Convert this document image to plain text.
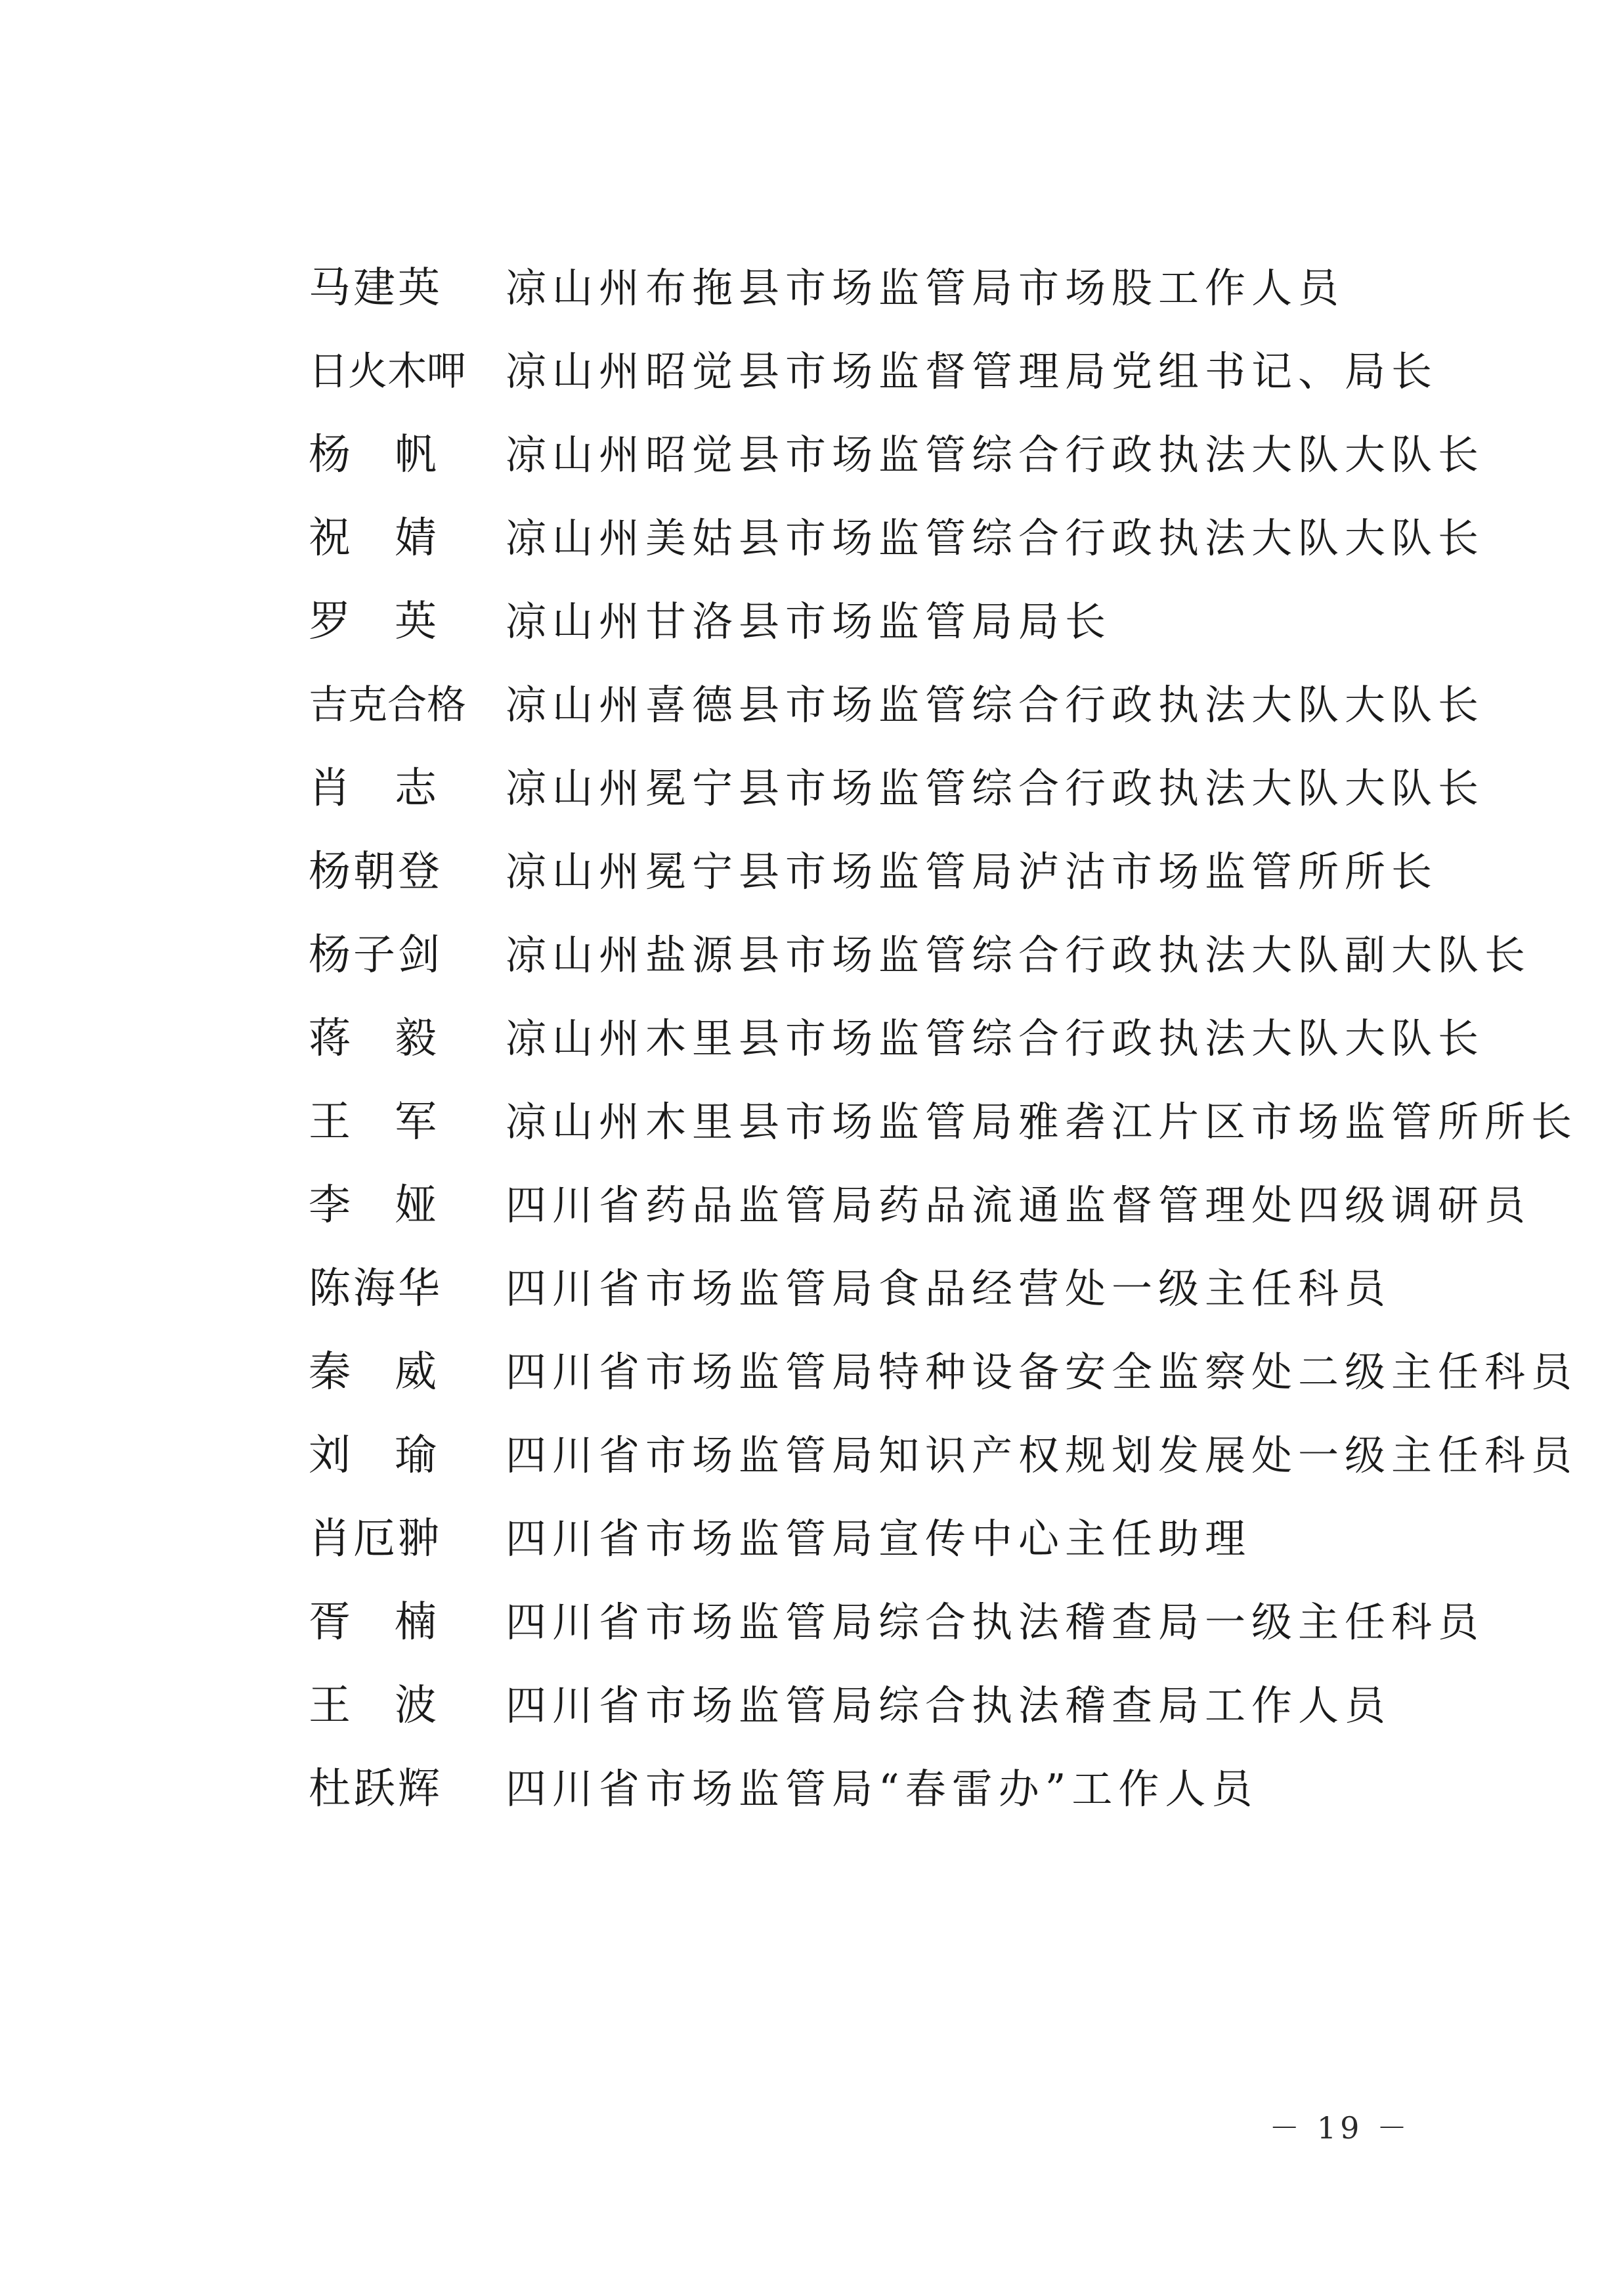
马建英	凉山州布拖县市场监管局市场股工作人员
日火木呷 凉山州昭觉县市场监督管理局党组书记、局长
杨 帆 凉山州昭觉县市场监管综合行政执法大队大队长
祝 婧 凉山州美姑县市场监管综合行政执法大队大队长
罗 英 凉山州甘洛县市场监管局局长
吉克合格 凉山州喜德县市场监管综合行政执法大队大队长
肖 志 凉山州冕宁县市场监管综合行政执法大队大队长
杨朝登	凉山州冕宁县市场监管局泸沽市场监管所所长
杨子剑	凉山州盐源县市场监管综合行政执法大队副大队长
蒋 毅 凉山州木里县市场监管综合行政执法大队大队长
王 军 凉山州木里县市场监管局雅砻江片区市场监管所所长
李 娅 四川省药品监管局药品流通监督管理处四级调研员
陈海华	四川省市场监管局食品经营处一级主任科员
秦 威 四川省市场监管局特种设备安全监察处二级主任科员
刘 瑜 四川省市场监管局知识产权规划发展处一级主任科员
肖厄翀	四川省市场监管局宣传中心主任助理
胥 楠 四川省市场监管局综合执法稽查局一级主任科员
王 波 四川省市场监管局综合执法稽查局工作人员
杜跃辉	四川省市场监管局“春雷办”工作人员
－ 19 －
